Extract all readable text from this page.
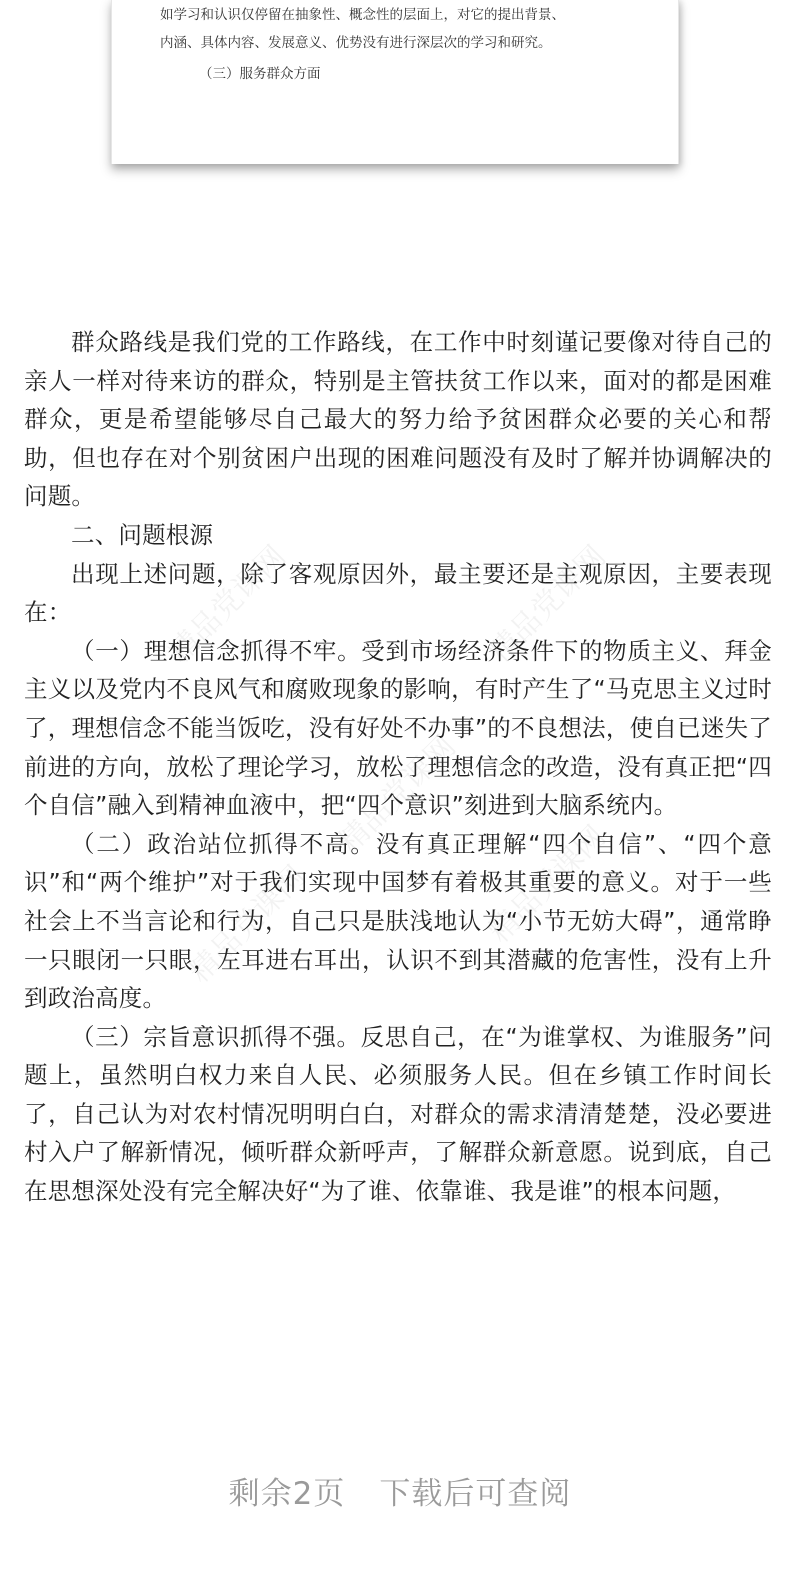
如学习和认识仅停留在抽象性、概念性的层面上，对它的提出背景、
内涵、具体内容、发展意义、优势没有进行深层次的学习和研究。
（三）服务群众方面
精品党课网	精品党课网
精品党课网
精品党课网	精品党课网

群众路线是我们党的工作路线，在工作中时刻谨记要像对待自己的亲人一样对待来访的群众，特别是主管扶贫工作以来，面对的都是困难群众，更是希望能够尽自己最大的努力给予贫困群众必要的关心和帮助，但也存在对个别贫困户出现的困难问题没有及时了解并协调解决的问题。

二、问题根源

出现上述问题，除了客观原因外，最主要还是主观原因，主要表现在：

（一）理想信念抓得不牢。受到市场经济条件下的物质主义、拜金主义以及党内不良风气和腐败现象的影响，有时产生了“马克思主义过时了，理想信念不能当饭吃，没有好处不办事”的不良想法，使自已迷失了前进的方向，放松了理论学习，放松了理想信念的改造，没有真正把“四个自信”融入到精神血液中，把“四个意识”刻进到大脑系统内。

（二）政治站位抓得不高。没有真正理解“四个自信”、“四个意识”和“两个维护”对于我们实现中国梦有着极其重要的意义。对于一些社会上不当言论和行为，自己只是肤浅地认为“小节无妨大碍”，通常睁一只眼闭一只眼，左耳进右耳出，认识不到其潜藏的危害性，没有上升到政治高度。

（三）宗旨意识抓得不强。反思自己，在“为谁掌权、为谁服务”问题上，虽然明白权力来自人民、必须服务人民。但在乡镇工作时间长了，自己认为对农村情况明明白白，对群众的需求清清楚楚，没必要进村入户了解新情况，倾听群众新呼声，了解群众新意愿。说到底，自己在思想深处没有完全解决好“为了谁、依靠谁、我是谁”的根本问题，

剩余2页 下载后可查阅
